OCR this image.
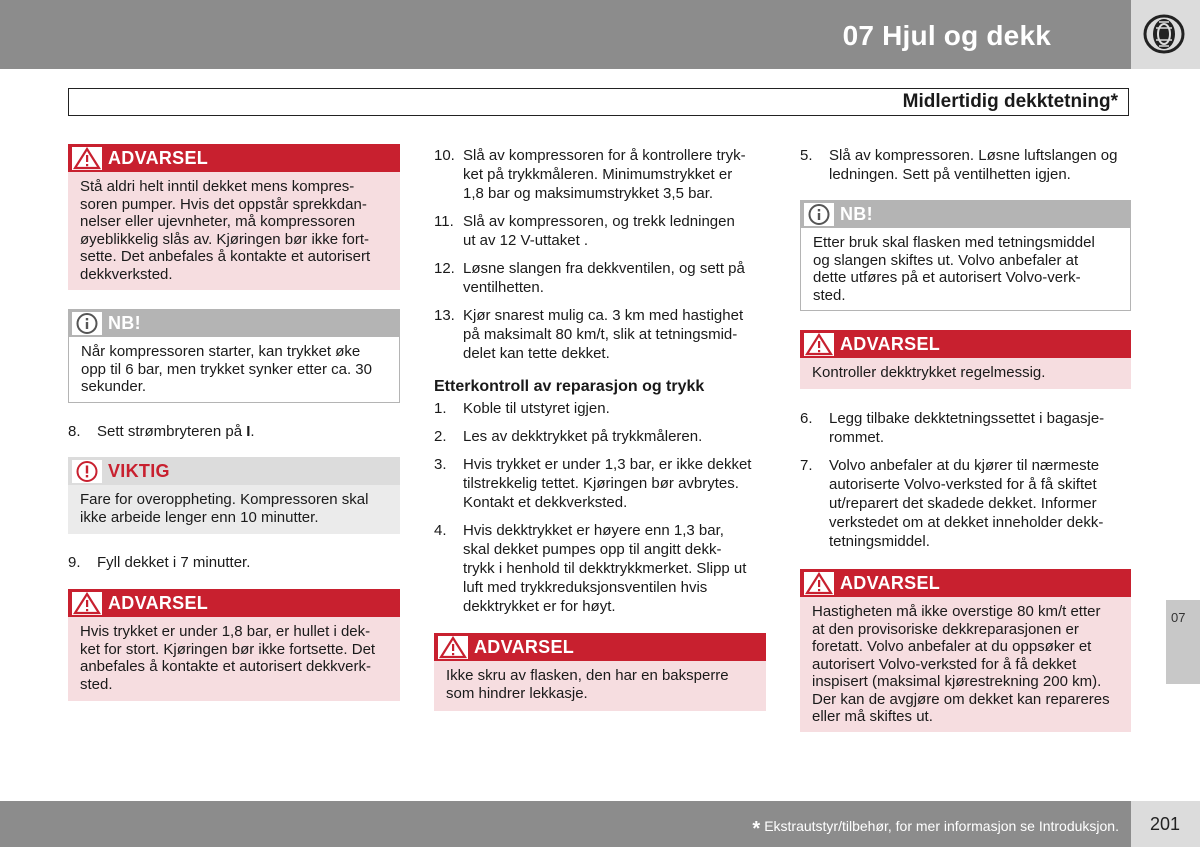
07 Hjul og dekk
Midlertidig dekktetning*
ADVARSEL
Stå aldri helt inntil dekket mens kompres-
soren pumper. Hvis det oppstår sprekkdan-
nelser eller ujevnheter, må kompressoren
øyeblikkelig slås av. Kjøringen bør ikke fort-
sette. Det anbefales å kontakte et autorisert
dekkverksted.
NB!
Når kompressoren starter, kan trykket øke
opp til 6 bar, men trykket synker etter ca. 30
sekunder.
8. Sett strømbryteren på I.
VIKTIG
Fare for overoppheting. Kompressoren skal
ikke arbeide lenger enn 10 minutter.
9. Fyll dekket i 7 minutter.
ADVARSEL
Hvis trykket er under 1,8 bar, er hullet i dek-
ket for stort. Kjøringen bør ikke fortsette. Det
anbefales å kontakte et autorisert dekkverk-
sted.
10. Slå av kompressoren for å kontrollere tryk-
ket på trykkmåleren. Minimumstrykket er
1,8 bar og maksimumstrykket 3,5 bar.
11. Slå av kompressoren, og trekk ledningen
ut av 12 V-uttaket .
12. Løsne slangen fra dekkventilen, og sett på
ventilhetten.
13. Kjør snarest mulig ca. 3 km med hastighet
på maksimalt 80 km/t, slik at tetningsmid-
delet kan tette dekket.
Etterkontroll av reparasjon og trykk
1. Koble til utstyret igjen.
2. Les av dekktrykket på trykkmåleren.
3. Hvis trykket er under 1,3 bar, er ikke dekket
tilstrekkelig tettet. Kjøringen bør avbrytes.
Kontakt et dekkverksted.
4. Hvis dekktrykket er høyere enn 1,3 bar,
skal dekket pumpes opp til angitt dekk-
trykk i henhold til dekktrykkmerket. Slipp ut
luft med trykkreduksjonsventilen hvis
dekktrykket er for høyt.
ADVARSEL
Ikke skru av flasken, den har en baksperre
som hindrer lekkasje.
5. Slå av kompressoren. Løsne luftslangen og
ledningen. Sett på ventilhetten igjen.
NB!
Etter bruk skal flasken med tetningsmiddel
og slangen skiftes ut. Volvo anbefaler at
dette utføres på et autorisert Volvo-verk-
sted.
ADVARSEL
Kontroller dekktrykket regelmessig.
6. Legg tilbake dekktetningssettet i bagasje-
rommet.
7. Volvo anbefaler at du kjører til nærmeste
autoriserte Volvo-verksted for å få skiftet
ut/reparert det skadede dekket. Informer
verkstedet om at dekket inneholder dekk-
tetningsmiddel.
ADVARSEL
Hastigheten må ikke overstige 80 km/t etter
at den provisoriske dekkreparasjonen er
foretatt. Volvo anbefaler at du oppsøker et
autorisert Volvo-verksted for å få dekket
inspisert (maksimal kjørestrekning 200 km).
Der kan de avgjøre om dekket kan repareres
eller må skiftes ut.
07
* Ekstrautstyr/tilbehør, for mer informasjon se Introduksjon. 201
